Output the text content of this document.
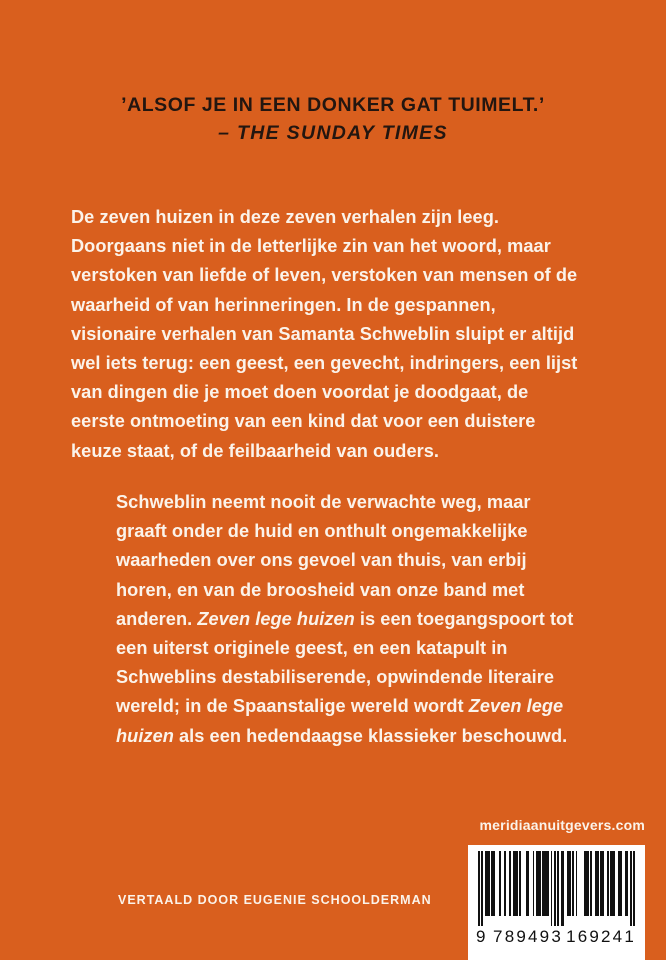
’ALSOF JE IN EEN DONKER GAT TUIMELT.’
– THE SUNDAY TIMES
De zeven huizen in deze zeven verhalen zijn leeg. Doorgaans niet in de letterlijke zin van het woord, maar verstoken van liefde of leven, verstoken van mensen of de waarheid of van herinneringen. In de gespannen, visionaire verhalen van Samanta Schweblin sluipt er altijd wel iets terug: een geest, een gevecht, indringers, een lijst van dingen die je moet doen voordat je doodgaat, de eerste ontmoeting van een kind dat voor een duistere keuze staat, of de feilbaarheid van ouders.
Schweblin neemt nooit de verwachte weg, maar graaft onder de huid en onthult ongemakkelijke waarheden over ons gevoel van thuis, van erbij horen, en van de broosheid van onze band met anderen. Zeven lege huizen is een toegangspoort tot een uiterst originele geest, en een katapult in Schweblins destabiliserende, opwindende literaire wereld; in de Spaanstalige wereld wordt Zeven lege huizen als een hedendaagse klassieker beschouwd.
meridiaanuitgevers.com
VERTAALD DOOR EUGENIE SCHOOLDERMAN
9 789493 169241
